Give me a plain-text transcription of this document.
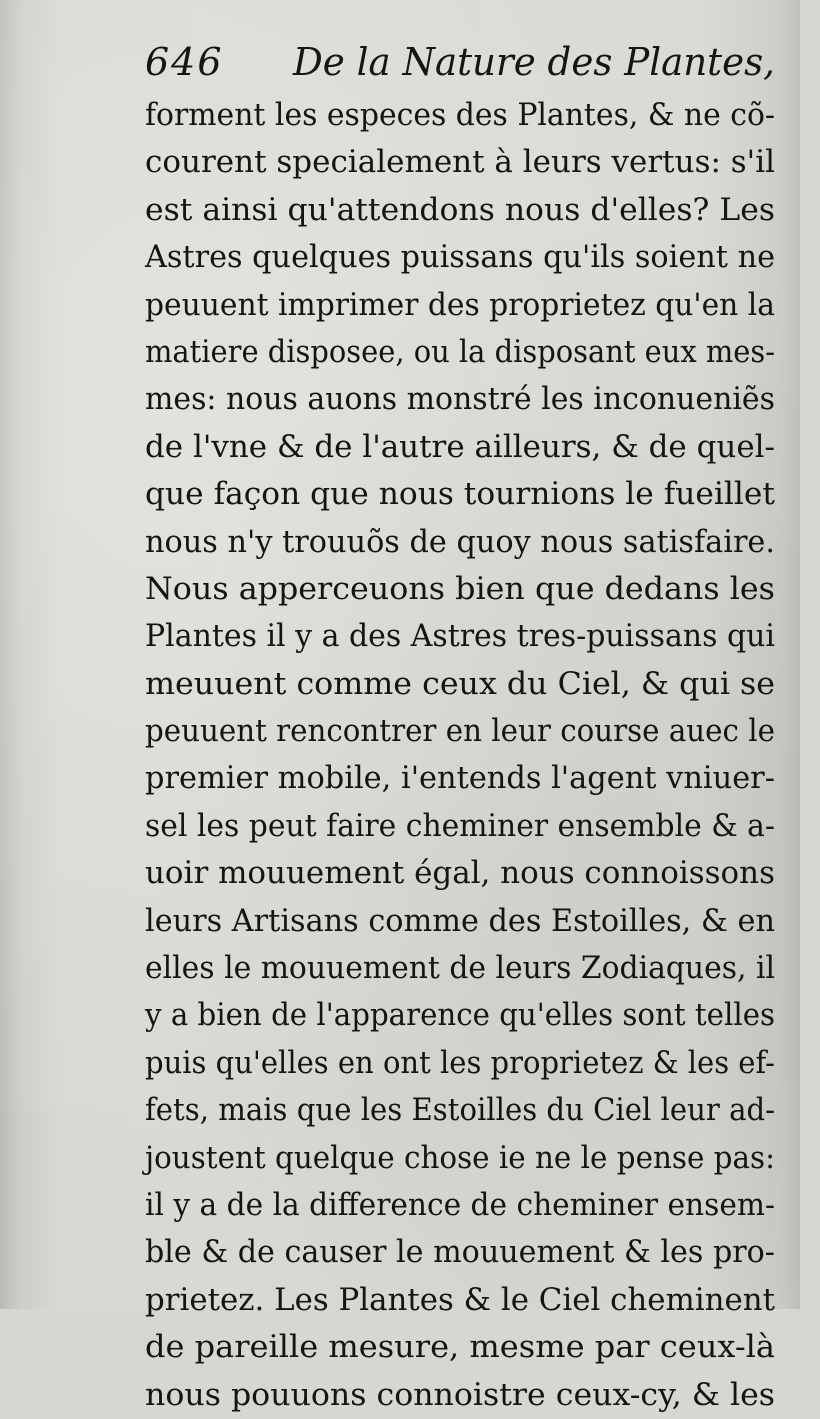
646 De la Nature des Plantes,
forment les especes des Plantes, & ne cõ-
courent specialement à leurs vertus: s'il
est ainsi qu'attendons nous d'elles? Les
Astres quelques puissans qu'ils soient ne
peuuent imprimer des proprietez qu'en la
matiere disposee, ou la disposant eux mes-
mes: nous auons monstré les inconueniẽs
de l'vne & de l'autre ailleurs, & de quel-
que façon que nous tournions le fueillet
nous n'y trouuõs de quoy nous satisfaire.
Nous apperceuons bien que dedans les
Plantes il y a des Astres tres-puissans qui
meuuent comme ceux du Ciel, & qui se
peuuent rencontrer en leur course auec le
premier mobile, i'entends l'agent vniuer-
sel les peut faire cheminer ensemble & a-
uoir mouuement égal, nous connoissons
leurs Artisans comme des Estoilles, & en
elles le mouuement de leurs Zodiaques, il
y a bien de l'apparence qu'elles sont telles
puis qu'elles en ont les proprietez & les ef-
fets, mais que les Estoilles du Ciel leur ad-
joustent quelque chose ie ne le pense pas:
il y a de la difference de cheminer ensem-
ble & de causer le mouuement & les pro-
prietez. Les Plantes & le Ciel cheminent
de pareille mesure, mesme par ceux-là
nous pouuons connoistre ceux-cy, & les
